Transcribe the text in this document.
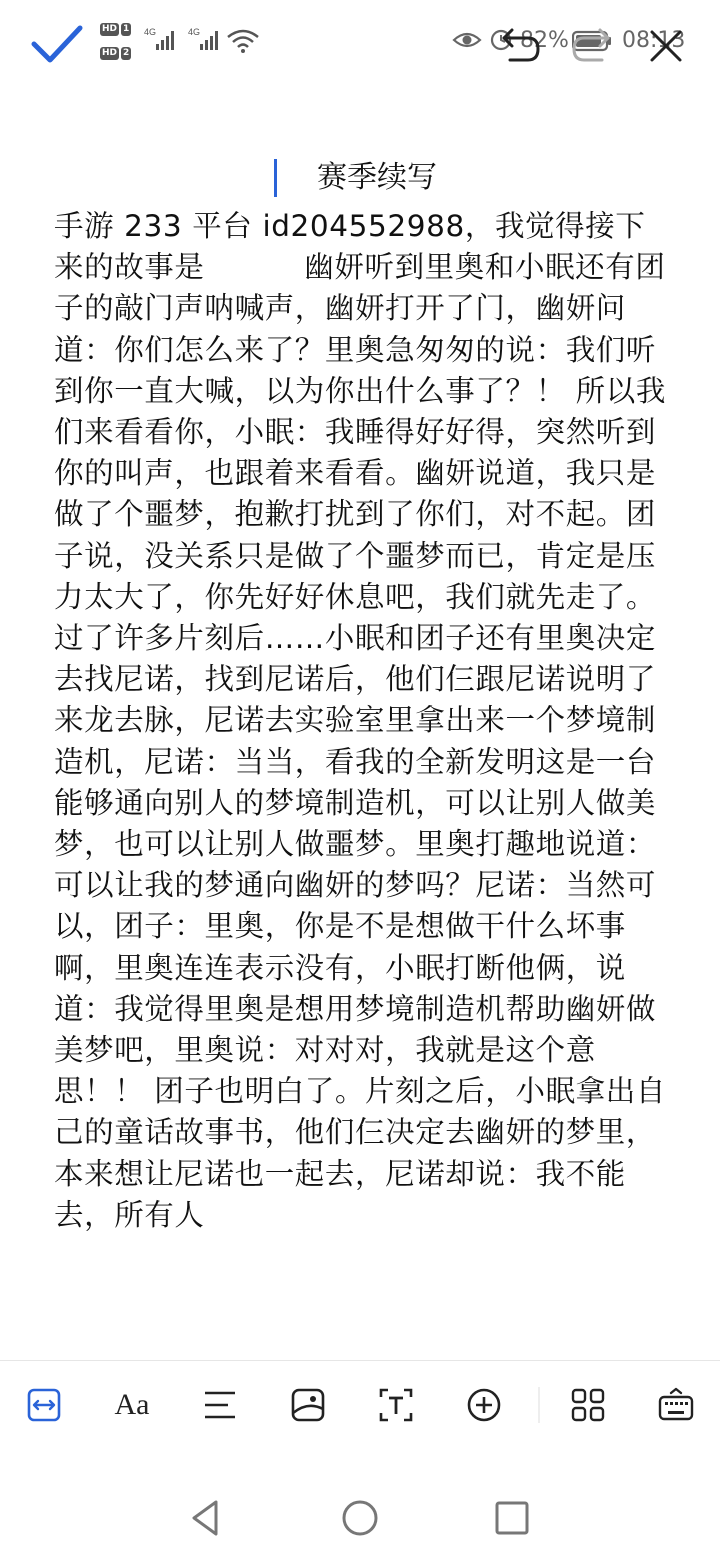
HD 1
HD 2
4G	4G	82% 08:13
赛季续写
手游 233 平台 id204552988，我觉得接下来的故事是          幽妍听到里奥和小眠还有团子的敲门声呐喊声，幽妍打开了门，幽妍问道：你们怎么来了？里奥急匆匆的说：我们听到你一直大喊，以为你出什么事了？！ 所以我们来看看你，小眠：我睡得好好得，突然听到你的叫声，也跟着来看看。幽妍说道，我只是做了个噩梦，抱歉打扰到了你们，对不起。团子说，没关系只是做了个噩梦而已，肯定是压力太大了，你先好好休息吧，我们就先走了。过了许多片刻后……小眠和团子还有里奥决定去找尼诺，找到尼诺后，他们仨跟尼诺说明了来龙去脉，尼诺去实验室里拿出来一个梦境制造机，尼诺：当当，看我的全新发明这是一台能够通向别人的梦境制造机，可以让别人做美梦，也可以让别人做噩梦。里奥打趣地说道：可以让我的梦通向幽妍的梦吗？尼诺：当然可以，团子：里奥，你是不是想做干什么坏事啊，里奥连连表示没有，小眠打断他俩，说道：我觉得里奥是想用梦境制造机帮助幽妍做美梦吧，里奥说：对对对，我就是这个意思！！ 团子也明白了。片刻之后，小眠拿出自己的童话故事书，他们仨决定去幽妍的梦里，本来想让尼诺也一起去，尼诺却说：我不能去，所有人
Aa
